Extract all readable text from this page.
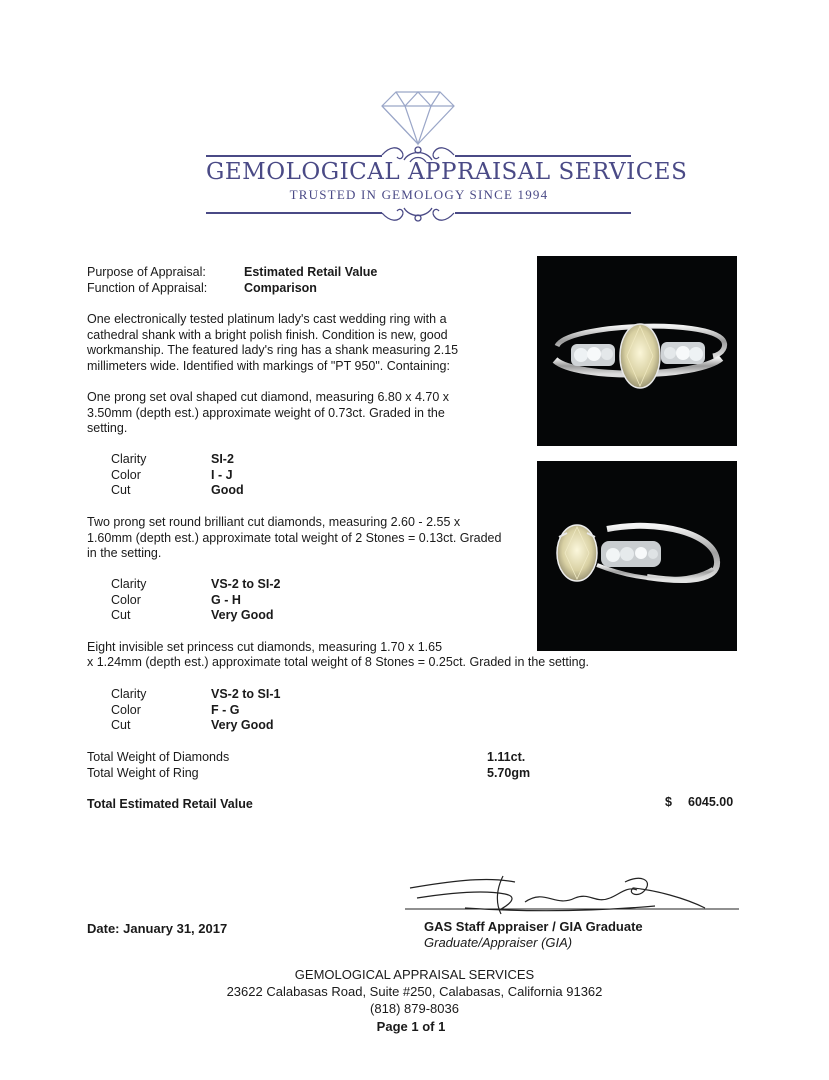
GEMOLOGICAL APPRAISAL SERVICES
TRUSTED IN GEMOLOGY SINCE 1994
Purpose of Appraisal:	Estimated Retail Value
Function of Appraisal:	Comparison
One electronically tested platinum lady's cast wedding ring with a cathedral shank with a bright polish finish. Condition is new, good workmanship. The featured lady's ring has a shank measuring 2.15 millimeters wide. Identified with markings of "PT 950". Containing:
One prong set oval shaped cut diamond, measuring 6.80 x 4.70 x 3.50mm (depth est.) approximate weight of 0.73ct. Graded in the setting.
Clarity	SI-2
Color	I - J
Cut	Good
Two prong set round brilliant cut diamonds, measuring 2.60 - 2.55 x 1.60mm (depth est.) approximate total weight of 2 Stones = 0.13ct. Graded in the setting.
Clarity	VS-2 to SI-2
Color	G - H
Cut	Very Good
Eight invisible set princess cut diamonds, measuring 1.70 x 1.65
x 1.24mm (depth est.) approximate total weight of 8 Stones = 0.25ct. Graded in the setting.
Clarity	VS-2 to SI-1
Color	F - G
Cut	Very Good
Total Weight of Diamonds	1.11ct.
Total Weight of Ring	5.70gm
Total Estimated Retail Value	$ 6045.00
Date: January 31, 2017	GAS Staff Appraiser / GIA Graduate
Graduate/Appraiser (GIA)
GEMOLOGICAL APPRAISAL SERVICES
23622 Calabasas Road, Suite #250, Calabasas, California 91362
(818) 879-8036
Page 1 of 1
